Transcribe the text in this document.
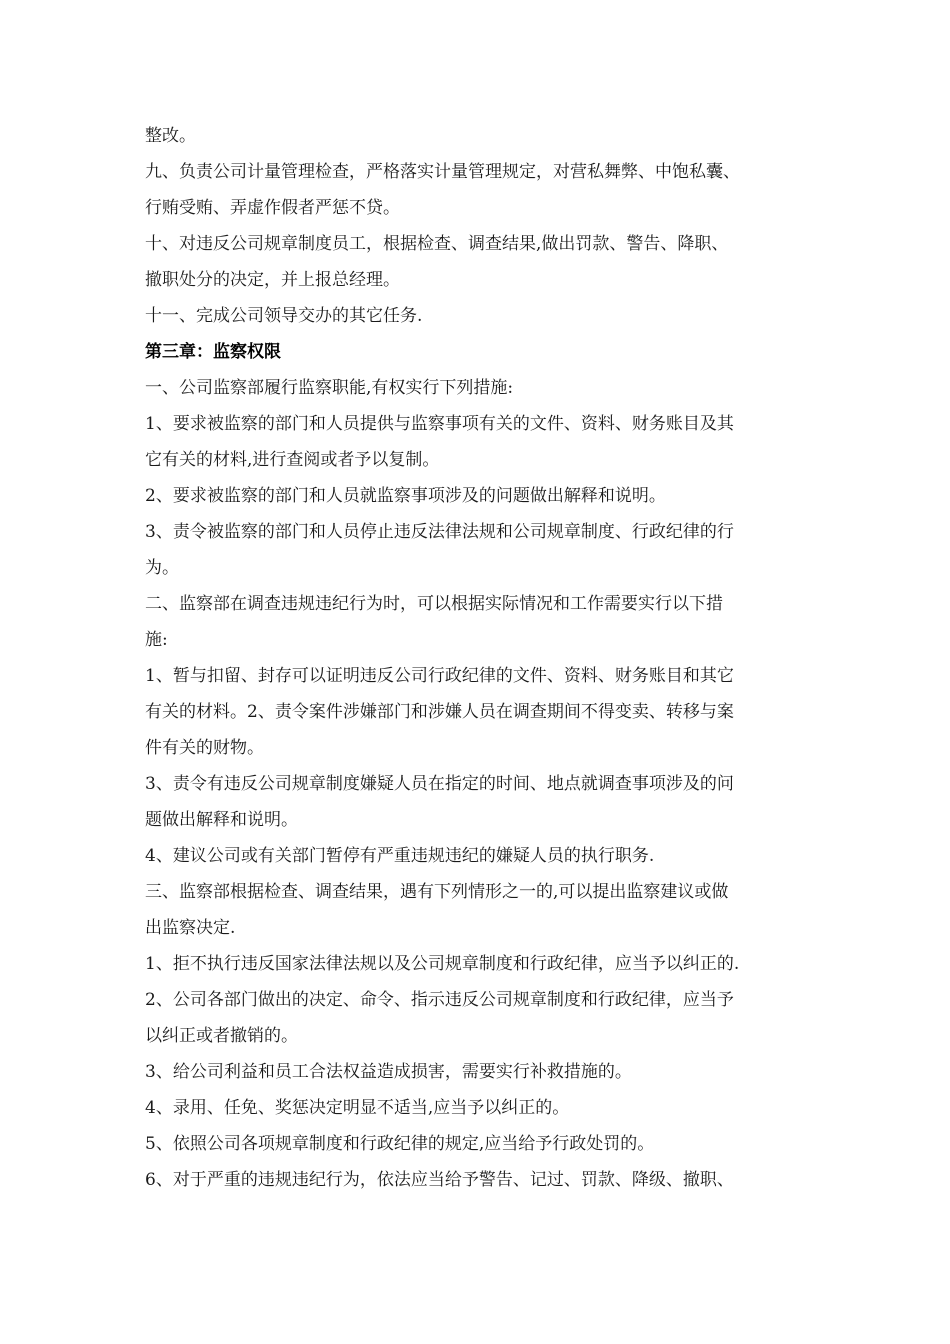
整改。
九、负责公司计量管理检查，严格落实计量管理规定，对营私舞弊、中饱私囊、
行贿受贿、弄虚作假者严惩不贷。
十、对违反公司规章制度员工，根据检查、调查结果,做出罚款、警告、降职、
撤职处分的决定，并上报总经理。
十一、完成公司领导交办的其它任务.
第三章：监察权限
一、公司监察部履行监察职能,有权实行下列措施:
1、要求被监察的部门和人员提供与监察事项有关的文件、资料、财务账目及其
它有关的材料,进行查阅或者予以复制。
2、要求被监察的部门和人员就监察事项涉及的问题做出解释和说明。
3、责令被监察的部门和人员停止违反法律法规和公司规章制度、行政纪律的行
为。
二、监察部在调查违规违纪行为时，可以根据实际情况和工作需要实行以下措
施:
1、暂与扣留、封存可以证明违反公司行政纪律的文件、资料、财务账目和其它
有关的材料。2、责令案件涉嫌部门和涉嫌人员在调查期间不得变卖、转移与案
件有关的财物。
3、责令有违反公司规章制度嫌疑人员在指定的时间、地点就调查事项涉及的问
题做出解释和说明。
4、建议公司或有关部门暂停有严重违规违纪的嫌疑人员的执行职务.
三、监察部根据检查、调查结果，遇有下列情形之一的,可以提出监察建议或做
出监察决定.
1、拒不执行违反国家法律法规以及公司规章制度和行政纪律，应当予以纠正的.
2、公司各部门做出的决定、命令、指示违反公司规章制度和行政纪律，应当予
以纠正或者撤销的。
3、给公司利益和员工合法权益造成损害，需要实行补救措施的。
4、录用、任免、奖惩决定明显不适当,应当予以纠正的。
5、依照公司各项规章制度和行政纪律的规定,应当给予行政处罚的。
6、对于严重的违规违纪行为，依法应当给予警告、记过、罚款、降级、撤职、
